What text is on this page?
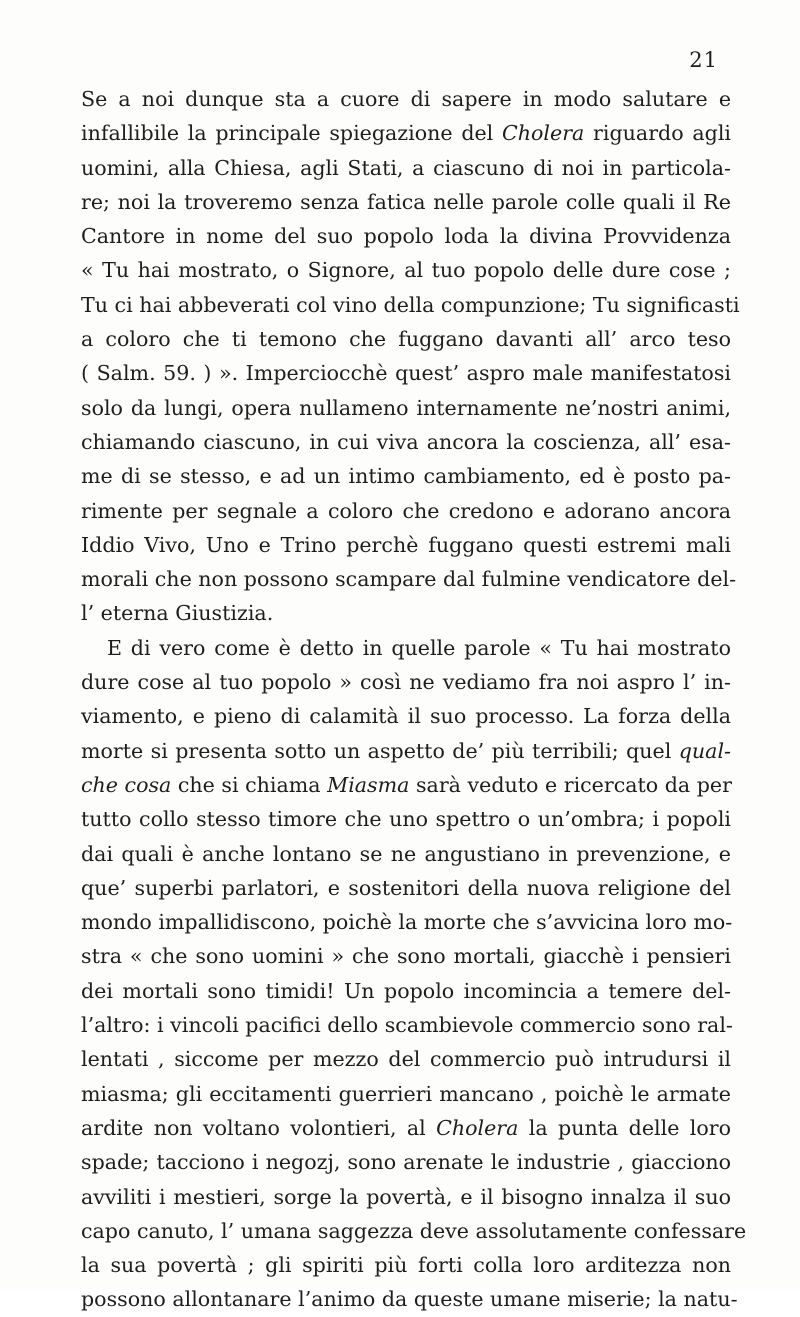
21
Se a noi dunque sta a cuore di sapere in modo salutare e
infallibile la principale spiegazione del Cholera riguardo agli
uomini, alla Chiesa, agli Stati, a ciascuno di noi in particola-
re; noi la troveremo senza fatica nelle parole colle quali il Re
Cantore in nome del suo popolo loda la divina Provvidenza
« Tu hai mostrato, o Signore, al tuo popolo delle dure cose ;
Tu ci hai abbeverati col vino della compunzione; Tu significasti
a coloro che ti temono che fuggano davanti all’ arco teso
( Salm. 59. ) ». Imperciocchè quest’ aspro male manifestatosi
solo da lungi, opera nullameno internamente ne’nostri animi,
chiamando ciascuno, in cui viva ancora la coscienza, all’ esa-
me di se stesso, e ad un intimo cambiamento, ed è posto pa-
rimente per segnale a coloro che credono e adorano ancora
Iddio Vivo, Uno e Trino perchè fuggano questi estremi mali
morali che non possono scampare dal fulmine vendicatore del-
l’ eterna Giustizia.
E di vero come è detto in quelle parole « Tu hai mostrato
dure cose al tuo popolo » così ne vediamo fra noi aspro l’ in-
viamento, e pieno di calamità il suo processo. La forza della
morte si presenta sotto un aspetto de’ più terribili; quel qual-
che cosa che si chiama Miasma sarà veduto e ricercato da per
tutto collo stesso timore che uno spettro o un’ombra; i popoli
dai quali è anche lontano se ne angustiano in prevenzione, e
que’ superbi parlatori, e sostenitori della nuova religione del
mondo impallidiscono, poichè la morte che s’avvicina loro mo-
stra « che sono uomini » che sono mortali, giacchè i pensieri
dei mortali sono timidi! Un popolo incomincia a temere del-
l’altro: i vincoli pacifici dello scambievole commercio sono ral-
lentati , siccome per mezzo del commercio può intrudursi il
miasma; gli eccitamenti guerrieri mancano , poichè le armate
ardite non voltano volontieri, al Cholera la punta delle loro
spade; tacciono i negozj, sono arenate le industrie , giacciono
avviliti i mestieri, sorge la povertà, e il bisogno innalza il suo
capo canuto, l’ umana saggezza deve assolutamente confessare
la sua povertà ; gli spiriti più forti colla loro arditezza non
possono allontanare l’animo da queste umane miserie; la natu-
